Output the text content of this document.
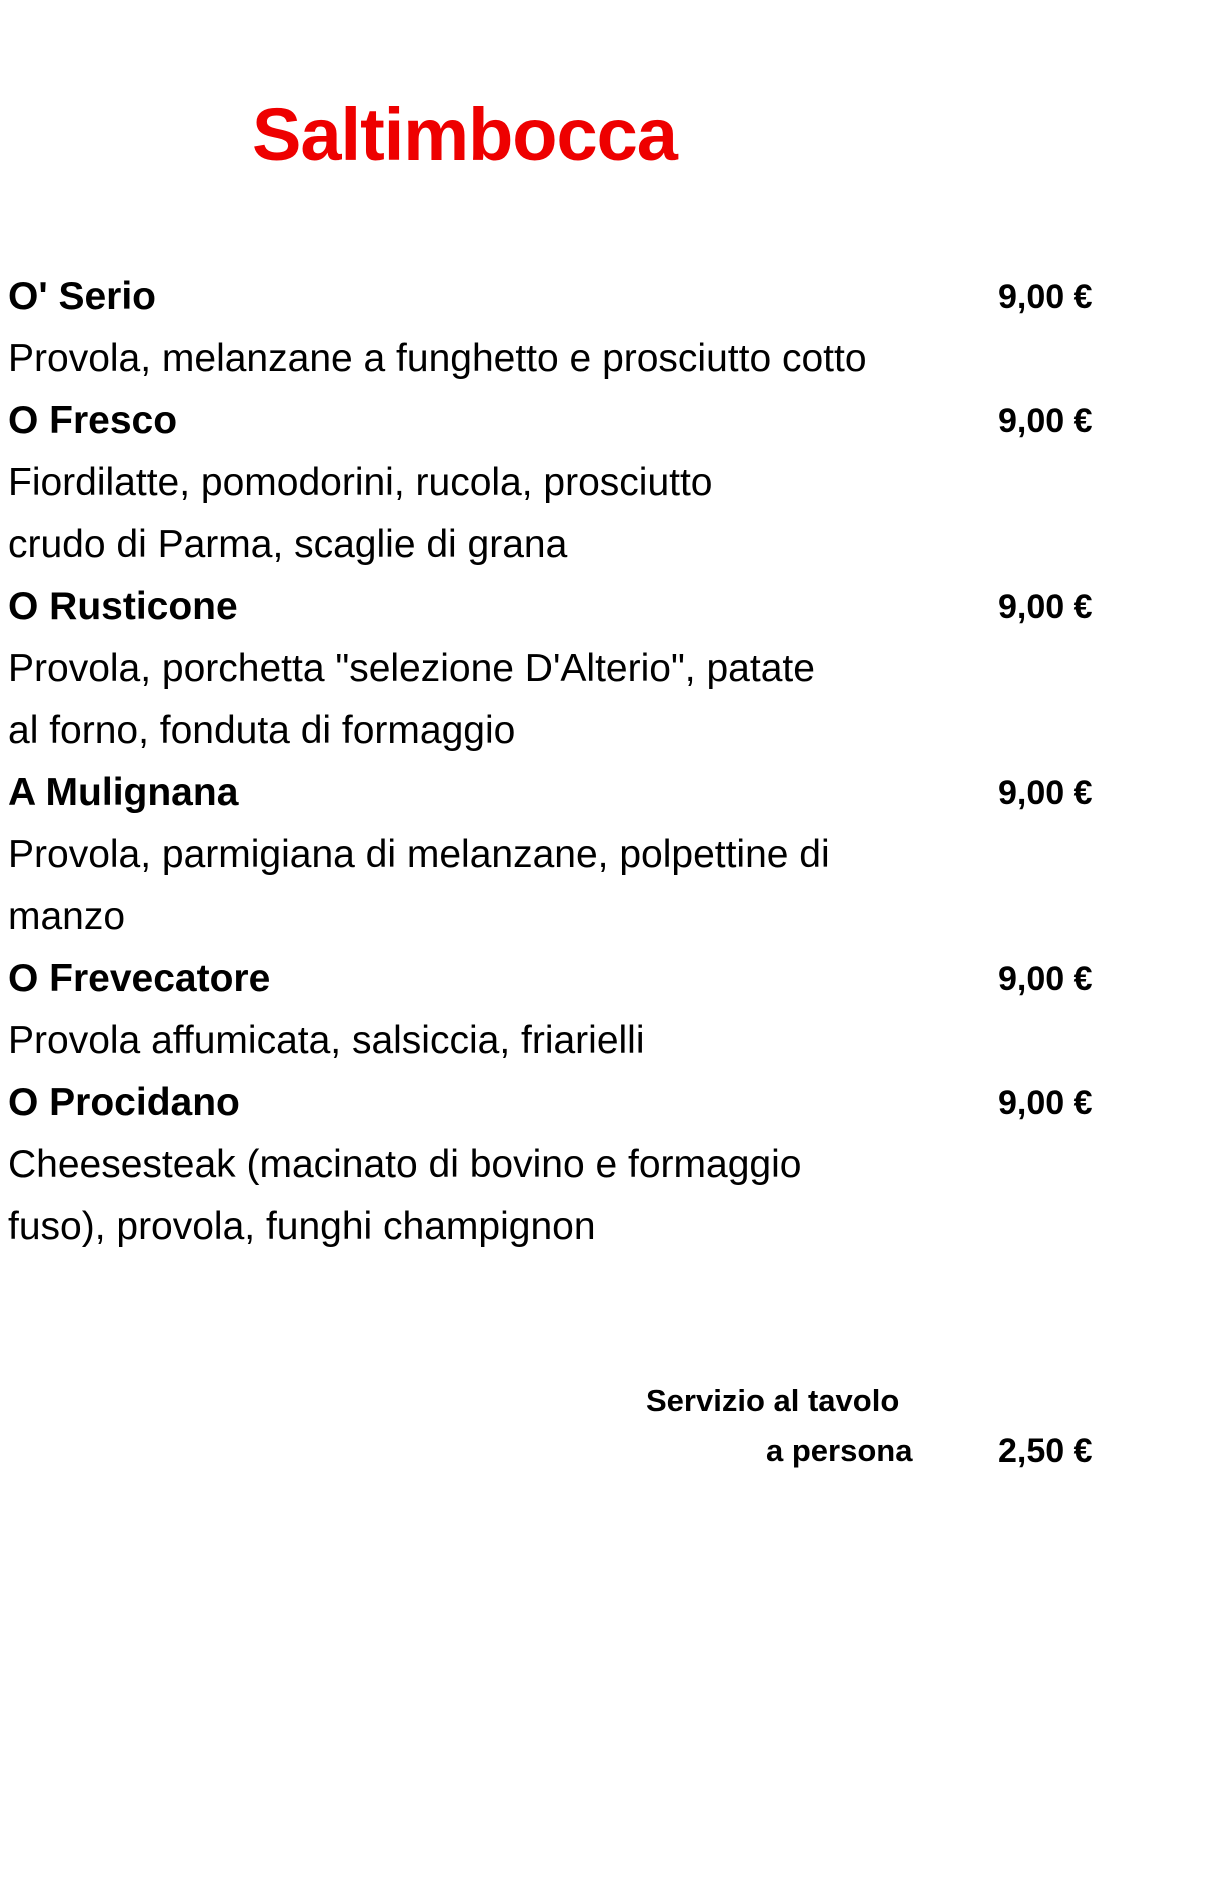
Saltimbocca
O' Serio	9,00 €
Provola, melanzane a funghetto e prosciutto cotto
O Fresco	9,00 €
Fiordilatte, pomodorini, rucola, prosciutto
crudo di Parma, scaglie di grana
O Rusticone	9,00 €
Provola, porchetta "selezione D'Alterio", patate
al forno, fonduta di formaggio
A Mulignana	9,00 €
Provola, parmigiana di melanzane, polpettine di
manzo
O Frevecatore	9,00 €
Provola affumicata, salsiccia, friarielli
O Procidano	9,00 €
Cheesesteak (macinato di bovino e formaggio
fuso), provola, funghi champignon
Servizio al tavolo
a persona	2,50 €
